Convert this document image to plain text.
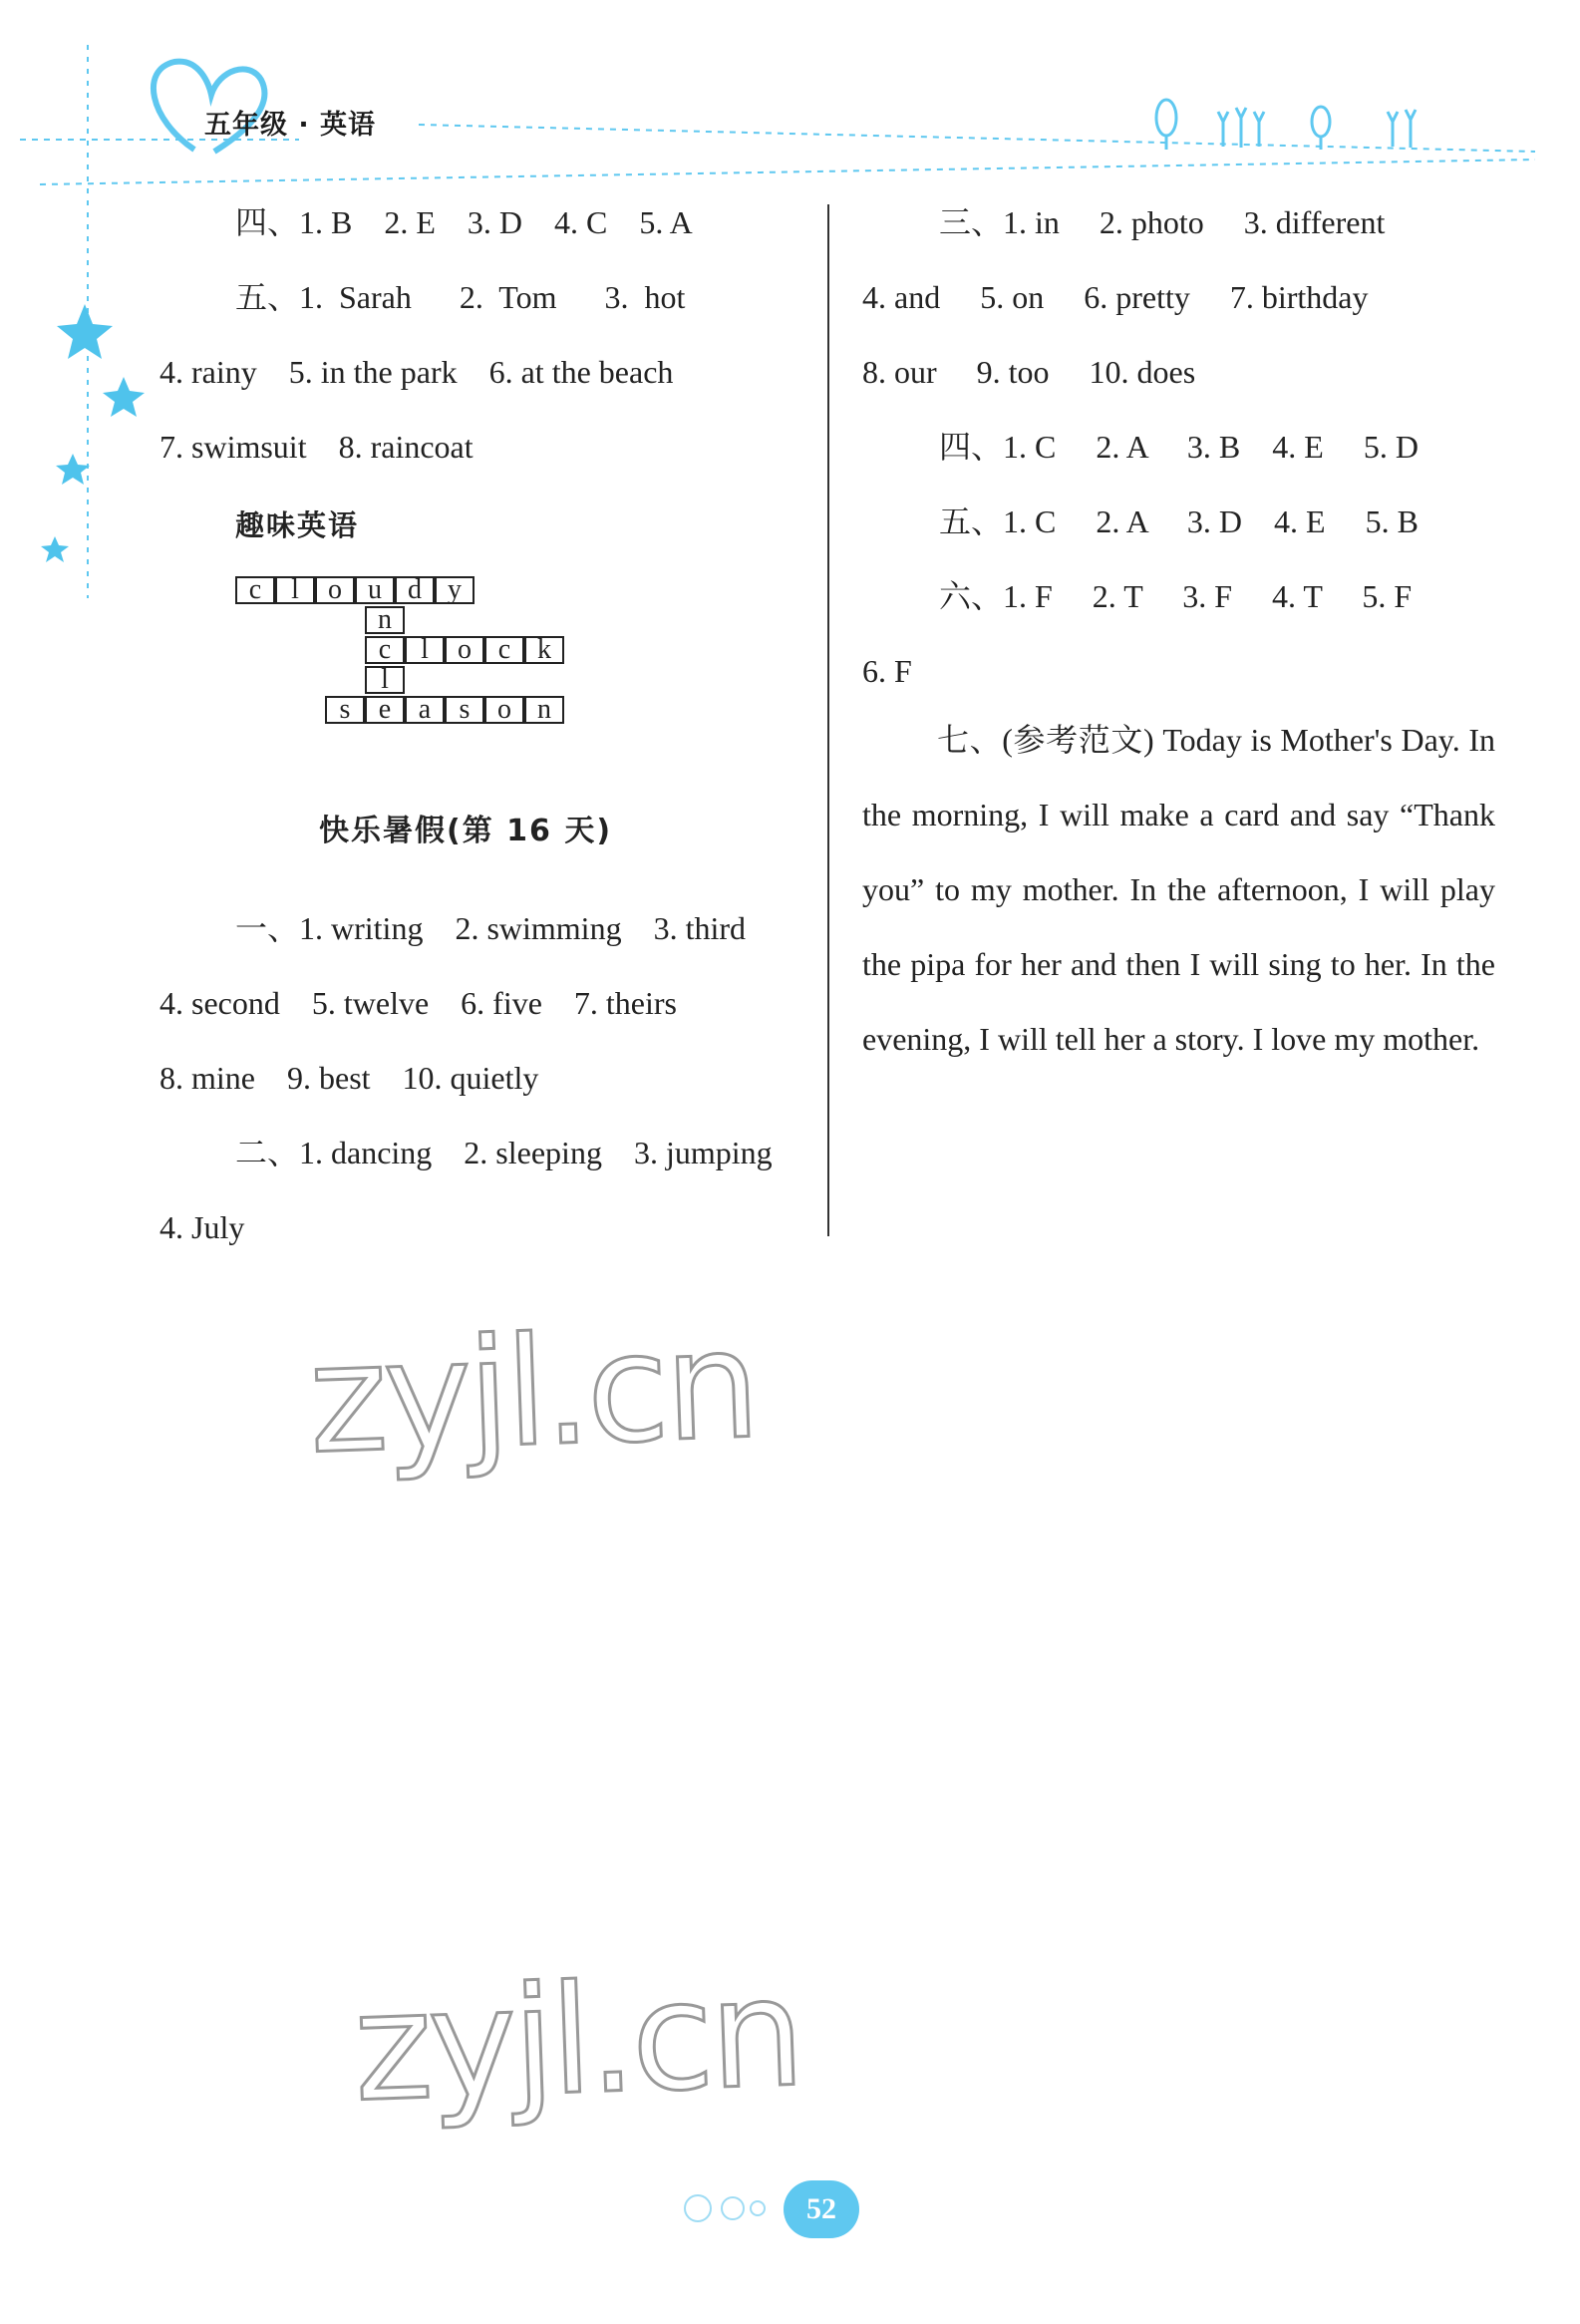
五年级 · 英语
四、1. B    2. E    3. D    4. C    5. A
五、1.  Sarah      2.  Tom      3.  hot
4. rainy    5. in the park    6. at the beach
7. swimsuit    8. raincoat
趣味英语
c	l	o u d y
n
c	l	o c k
l
s	e a	s o n
快乐暑假(第 16 天)
一、1. writing    2. swimming    3. third
4. second    5. twelve    6. five    7. theirs
8. mine    9. best    10. quietly
二、1. dancing    2. sleeping    3. jumping
4. July
三、1. in     2. photo     3. different
4. and     5. on     6. pretty     7. birthday
8. our     9. too     10. does
四、1. C     2. A     3. B    4. E     5. D
五、1. C     2. A     3. D    4. E     5. B
六、1. F     2. T     3. F     4. T     5. F
6. F
七、(参考范文) Today is Mother's Day. In the morning, I will make a card and say “Thank you” to my mother. In the afternoon, I will play the pipa for her and then I will sing to her. In the evening, I will tell her a story. I love my mother.
zyjl.cn
zyjl.cn
52
